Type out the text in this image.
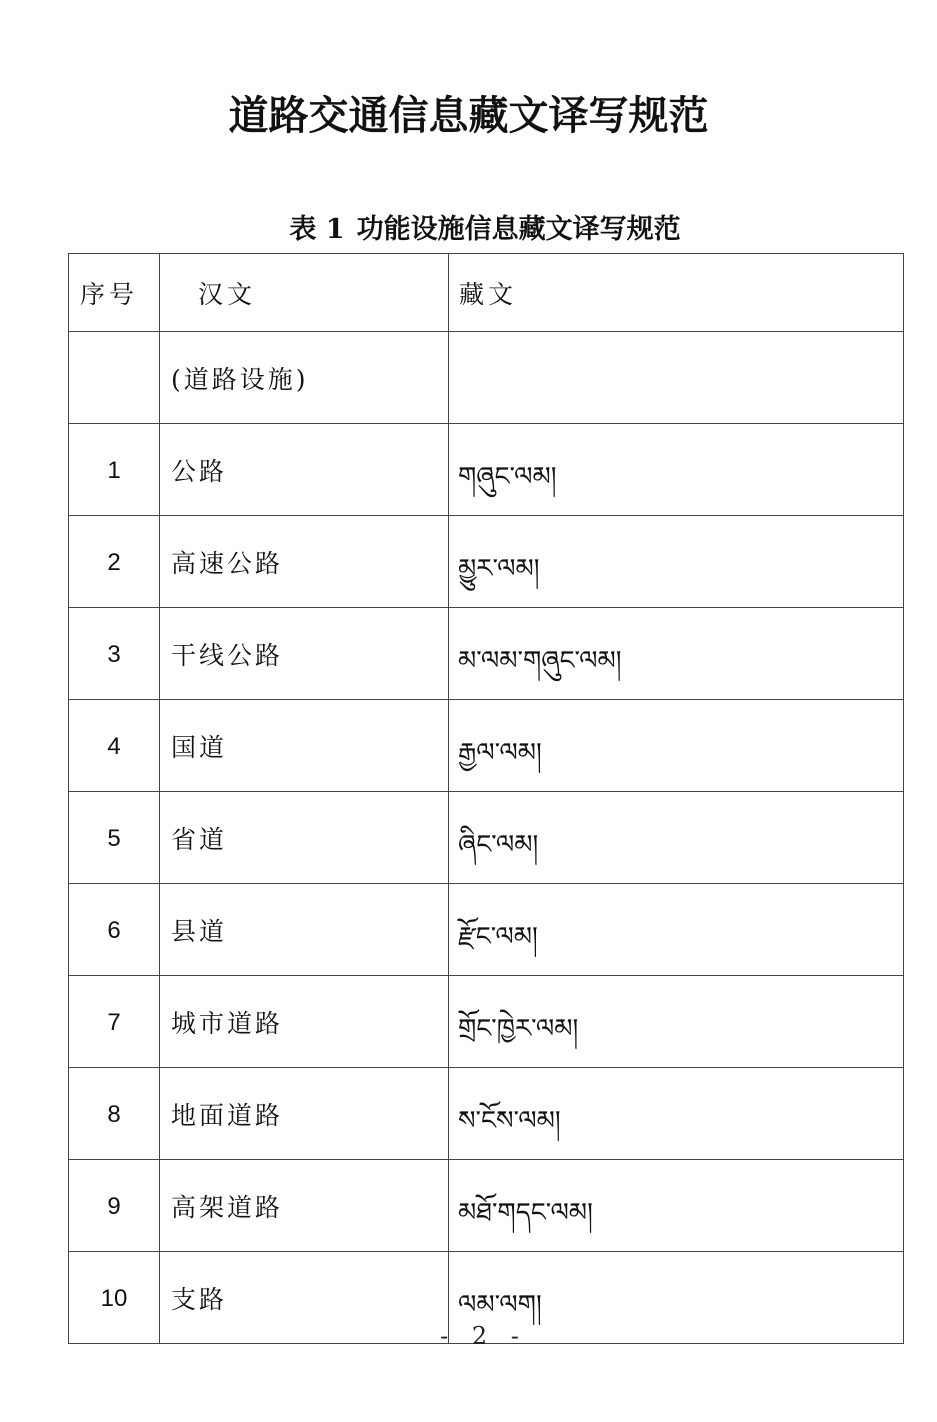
道路交通信息藏文译写规范
表 1 功能设施信息藏文译写规范
序号	汉文	藏文
	(道路设施)	
1	公路	གཞུང་ལམ།
2	高速公路	མྱུར་ལམ།
3	干线公路	མ་ལམ་གཞུང་ལམ།
4	国道	རྒྱལ་ལམ།
5	省道	ཞིང་ལམ།
6	县道	རྫོང་ལམ།
7	城市道路	གྲོང་ཁྱེར་ལམ།
8	地面道路	ས་ངོས་ལམ།
9	高架道路	མཐོ་གདང་ལམ།
10	支路	ལམ་ལག།
- 2 -
